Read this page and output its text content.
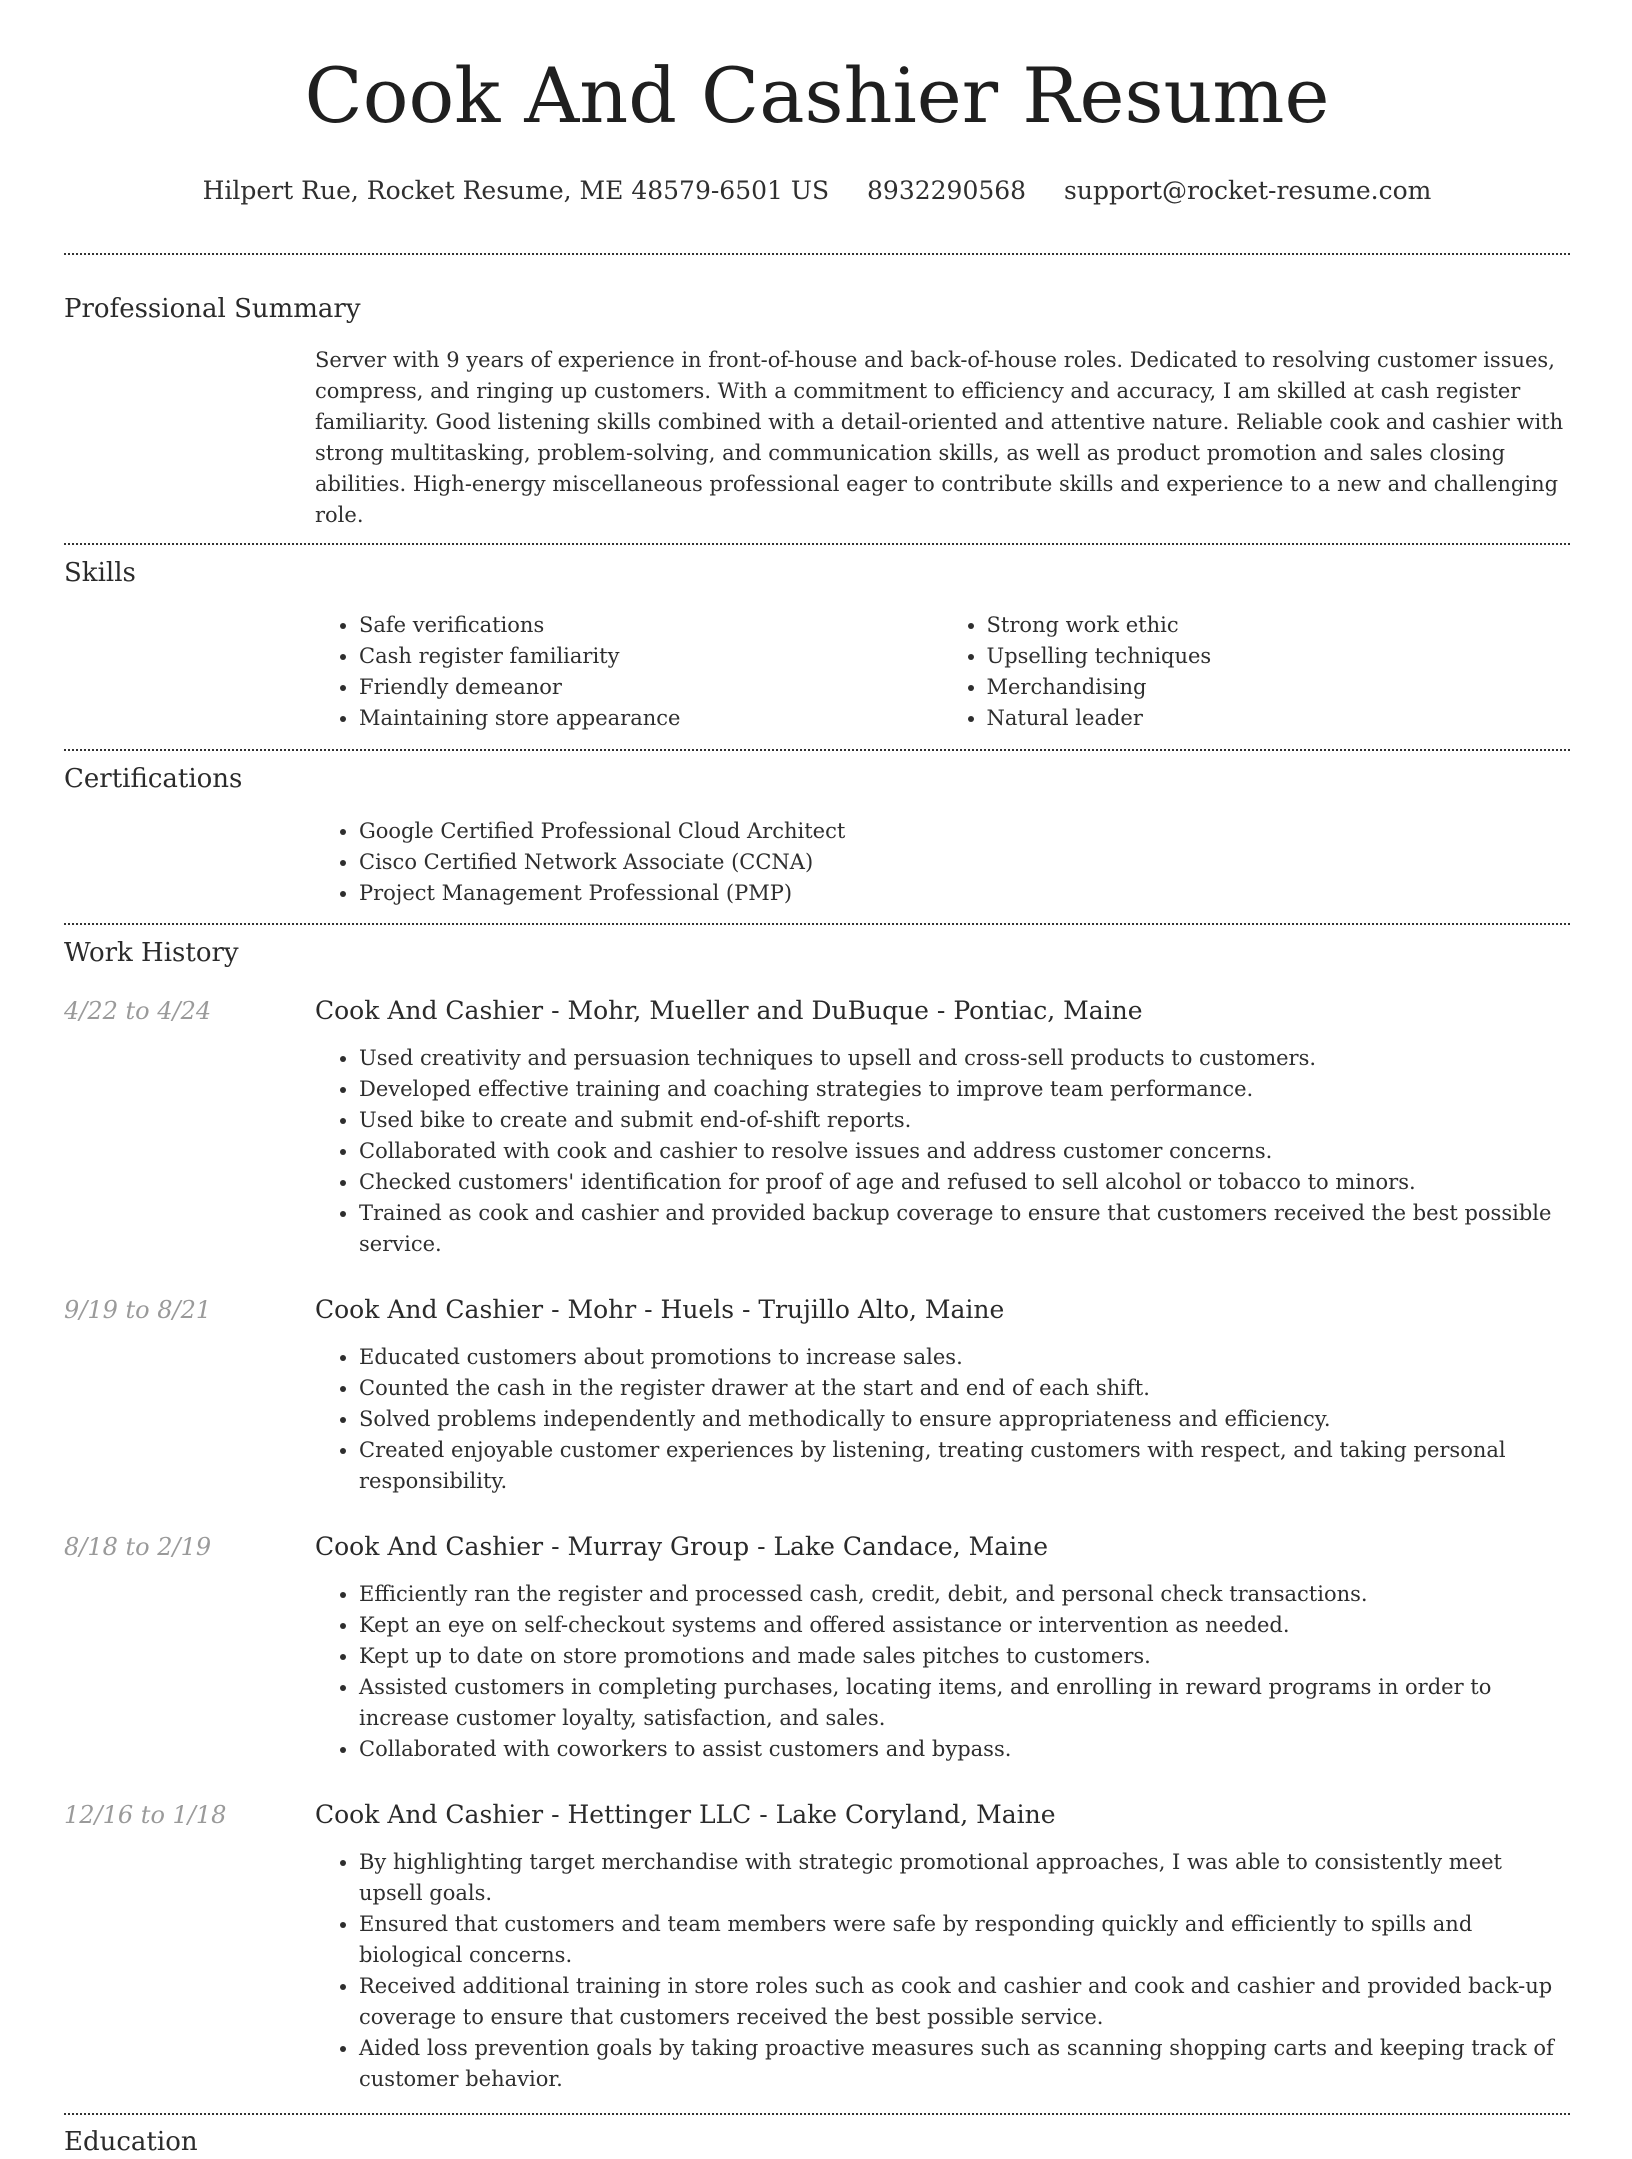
Cook And Cashier Resume
Hilpert Rue, Rocket Resume, ME 48579-6501 US 8932290568 support@rocket-resume.com
Professional Summary
Server with 9 years of experience in front-of-house and back-of-house roles. Dedicated to resolving customer issues, compress, and ringing up customers. With a commitment to efficiency and accuracy, I am skilled at cash register familiarity. Good listening skills combined with a detail-oriented and attentive nature. Reliable cook and cashier with strong multitasking, problem-solving, and communication skills, as well as product promotion and sales closing abilities. High-energy miscellaneous professional eager to contribute skills and experience to a new and challenging role.
Skills
• Safe verifications
• Cash register familiarity
• Friendly demeanor
• Maintaining store appearance
• Strong work ethic
• Upselling techniques
• Merchandising
• Natural leader
Certifications
• Google Certified Professional Cloud Architect
• Cisco Certified Network Associate (CCNA)
• Project Management Professional (PMP)
Work History
4/22 to 4/24	Cook And Cashier - Mohr, Mueller and DuBuque - Pontiac, Maine
• Used creativity and persuasion techniques to upsell and cross-sell products to customers.
• Developed effective training and coaching strategies to improve team performance.
• Used bike to create and submit end-of-shift reports.
• Collaborated with cook and cashier to resolve issues and address customer concerns.
• Checked customers' identification for proof of age and refused to sell alcohol or tobacco to minors.
• Trained as cook and cashier and provided backup coverage to ensure that customers received the best possible service.
9/19 to 8/21	Cook And Cashier - Mohr - Huels - Trujillo Alto, Maine
• Educated customers about promotions to increase sales.
• Counted the cash in the register drawer at the start and end of each shift.
• Solved problems independently and methodically to ensure appropriateness and efficiency.
• Created enjoyable customer experiences by listening, treating customers with respect, and taking personal responsibility.
8/18 to 2/19	Cook And Cashier - Murray Group - Lake Candace, Maine
• Efficiently ran the register and processed cash, credit, debit, and personal check transactions.
• Kept an eye on self-checkout systems and offered assistance or intervention as needed.
• Kept up to date on store promotions and made sales pitches to customers.
• Assisted customers in completing purchases, locating items, and enrolling in reward programs in order to increase customer loyalty, satisfaction, and sales.
• Collaborated with coworkers to assist customers and bypass.
12/16 to 1/18	Cook And Cashier - Hettinger LLC - Lake Coryland, Maine
• By highlighting target merchandise with strategic promotional approaches, I was able to consistently meet upsell goals.
• Ensured that customers and team members were safe by responding quickly and efficiently to spills and biological concerns.
• Received additional training in store roles such as cook and cashier and cook and cashier and provided back-up coverage to ensure that customers received the best possible service.
• Aided loss prevention goals by taking proactive measures such as scanning shopping carts and keeping track of customer behavior.
Education
